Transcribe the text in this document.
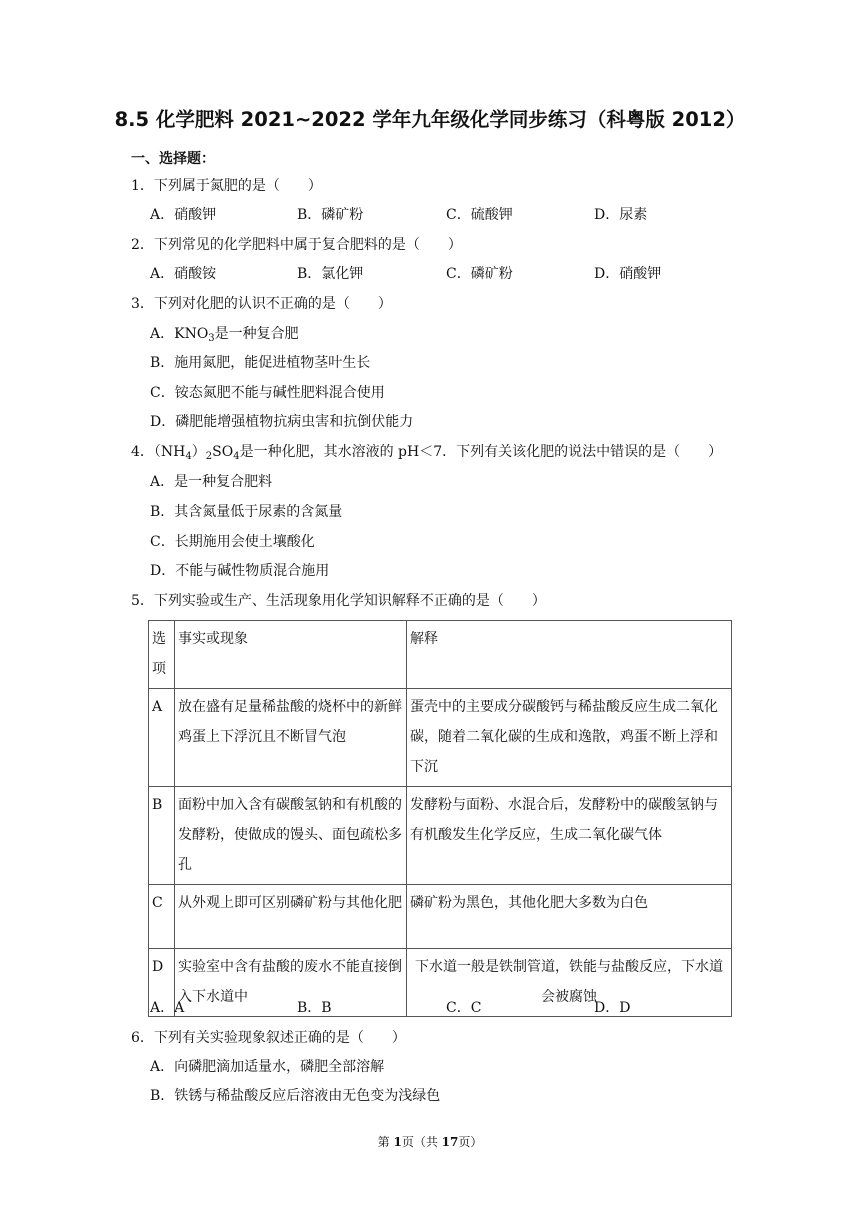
8.5 化学肥料 2021~2022 学年九年级化学同步练习（科粤版 2012）
一、选择题：
1．下列属于氮肥的是（　　）
A．硝酸钾	B．磷矿粉	C．硫酸钾	D．尿素
2．下列常见的化学肥料中属于复合肥料的是（　　）
A．硝酸铵	B．氯化钾	C．磷矿粉	D．硝酸钾
3．下列对化肥的认识不正确的是（　　）
A．$KNO_3$是一种复合肥
B．施用氮肥，能促进植物茎叶生长
C．铵态氮肥不能与碱性肥料混合使用
D．磷肥能增强植物抗病虫害和抗倒伏能力
4．$(NH_4)_2SO_4$是一种化肥，其水溶液的 pH＜7．下列有关该化肥的说法中错误的是（　　）
A．是一种复合肥料
B．其含氮量低于尿素的含氮量
C．长期施用会使土壤酸化
D．不能与碱性物质混合施用
5．下列实验或生产、生活现象用化学知识解释不正确的是（　　）
选项	事实或现象	解释
A	放在盛有足量稀盐酸的烧杯中的新鲜鸡蛋上下浮沉且不断冒气泡	蛋壳中的主要成分碳酸钙与稀盐酸反应生成二氧化碳，随着二氧化碳的生成和逸散，鸡蛋不断上浮和下沉
B	面粉中加入含有碳酸氢钠和有机酸的发酵粉，使做成的馒头、面包疏松多孔	发酵粉与面粉、水混合后，发酵粉中的碳酸氢钠与有机酸发生化学反应，生成二氧化碳气体
C	从外观上即可区别磷矿粉与其他化肥	磷矿粉为黑色，其他化肥大多数为白色
D	实验室中含有盐酸的废水不能直接倒入下水道中	下水道一般是铁制管道，铁能与盐酸反应，下水道会被腐蚀
A．A	B．B	C．C	D．D
6．下列有关实验现象叙述正确的是（　　）
A．向磷肥滴加适量水，磷肥全部溶解
B．铁锈与稀盐酸反应后溶液由无色变为浅绿色
第 1页（共 17页）
